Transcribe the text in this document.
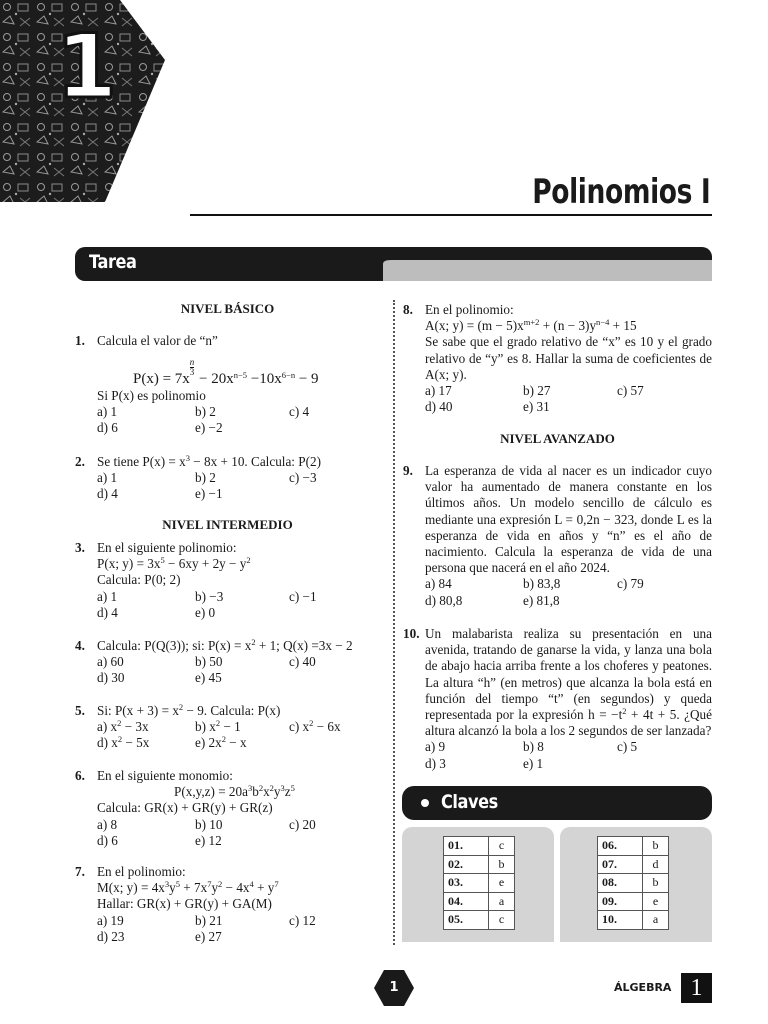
1
Polinomios I
Tarea
NIVEL BÁSICO
1. Calcula el valor de “n”
P(x) = 7x
$\frac{n}{3}$
− $20x^{n-5} -10x^{6-n} - 9$
Si P(x) es polinomio
a) 1	b) 2	c) 4
d) 6	e) −2
2. Se tiene $P(x) = x^3 - 8x + 10$. Calcula: P(2)
a) 1	b) 2	c) −3
d) 4	e) −1
NIVEL INTERMEDIO
3. En el siguiente polinomio:
P(x; $y) = 3x^5 - 6xy + 2y - y^2$
Calcula: P(0; 2)
a) 1	b) −3	c) −1
d) 4	e) 0
4. Calcula: P(Q(3)); si: $P(x) = x^2 + 1$; Q(x) =3x − 2
a) 60	b) 50	c) 40
d) 30	e) 45
5. Si: $P(x + 3) = x^2 - 9$. Calcula: P(x)
a) $x^2 - 3x$	b) $x^2 - 1$	c) $x^2 - 6x$
d) $x^2 - 5x$	e) $2x^2 - x$
6. En el siguiente monomio:
$P(x,y,z) = 20a^3b^2x^2y^3z^5$
Calcula: GR(x) + GR(y) + GR(z)
a) 8	b) 10	c) 20
d) 6	e) 12
7. En el polinomio:
M(x; $y) = 4x^3y^5 + 7x^7y^2 - 4x^4 + y^7$
Hallar: GR(x) + GR(y) + GA(M)
a) 19	b) 21	c) 12
d) 23	e) 27
8. En el polinomio:
A(x; $y) = (m - 5)x^{m+2} + (n - 3)y^{n-4} + 15$
Se sabe que el grado relativo de “x” es 10 y el grado relativo de “y” es 8. Hallar la suma de coeficientes de A(x; y).
a) 17	b) 27	c) 57
d) 40	e) 31
NIVEL AVANZADO
9. La esperanza de vida al nacer es un indicador cuyo valor ha aumentado de manera constante en los últimos años. Un modelo sencillo de cálculo es mediante una expresión L = 0,2n − 323, donde L es la esperanza de vida en años y “n” es el año de nacimiento. Calcula la esperanza de vida de una persona que nacerá en el año 2024.
a) 84	b) 83,8	c) 79
d) 80,8	e) 81,8
10. Un malabarista realiza su presentación en una avenida, tratando de ganarse la vida, y lanza una bola de abajo hacia arriba frente a los choferes y peatones. La altura “h” (en metros) que alcanza la bola está en función del tiempo “t” (en segundos) y queda representada por la expresión $h = -t^2 + 4t + 5$. ¿Qué altura alcanzó la bola a los 2 segundos de ser lanzada?
a) 9	b) 8	c) 5
d) 3	e) 1
Claves
01.	c
02.	b
03.	e
04.	a
05.	c
06.	b
07.	d
08.	b
09.	e
10.	a
1	ÁLGEBRA 1
